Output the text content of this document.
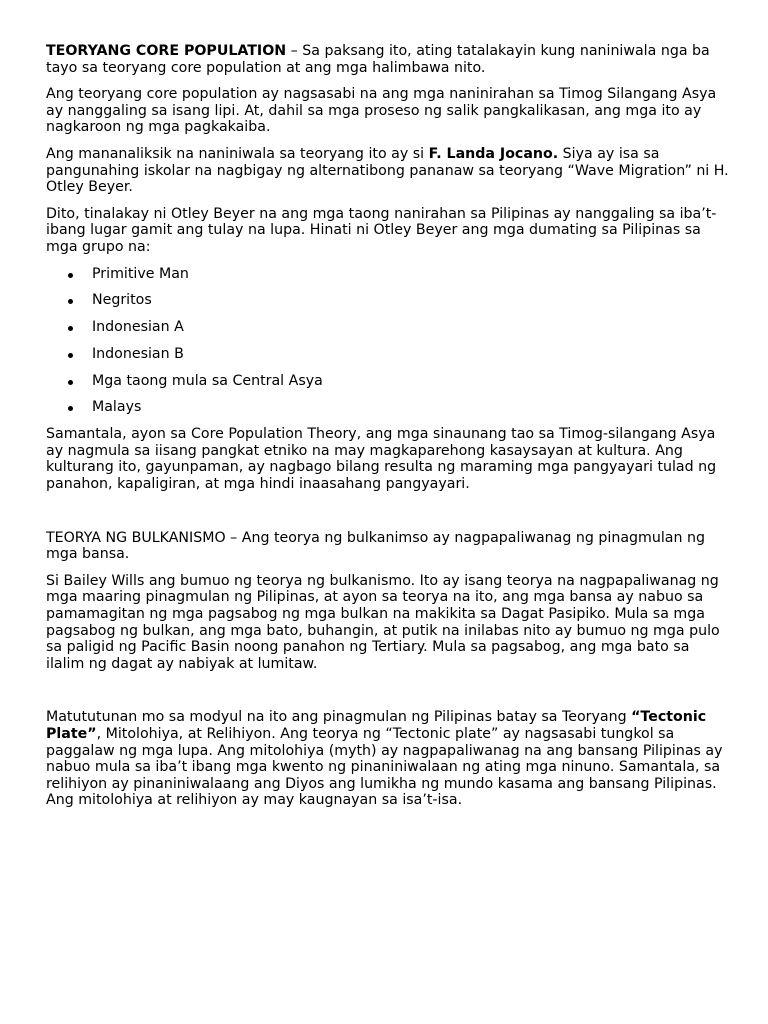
TEORYANG CORE POPULATION – Sa paksang ito, ating tatalakayin kung naniniwala nga ba tayo sa teoryang core population at ang mga halimbawa nito.

Ang teoryang core population ay nagsasabi na ang mga naninirahan sa Timog Silangang Asya ay nanggaling sa isang lipi. At, dahil sa mga proseso ng salik pangkalikasan, ang mga ito ay nagkaroon ng mga pagkakaiba.

Ang mananaliksik na naniniwala sa teoryang ito ay si F. Landa Jocano. Siya ay isa sa pangunahing iskolar na nagbigay ng alternatibong pananaw sa teoryang “Wave Migration” ni H. Otley Beyer.

Dito, tinalakay ni Otley Beyer na ang mga taong nanirahan sa Pilipinas ay nanggaling sa iba’t-ibang lugar gamit ang tulay na lupa. Hinati ni Otley Beyer ang mga dumating sa Pilipinas sa mga grupo na:

Primitive Man
Negritos
Indonesian A
Indonesian B
Mga taong mula sa Central Asya
Malays

Samantala, ayon sa Core Population Theory, ang mga sinaunang tao sa Timog-silangang Asya ay nagmula sa iisang pangkat etniko na may magkaparehong kasaysayan at kultura. Ang kulturang ito, gayunpaman, ay nagbago bilang resulta ng maraming mga pangyayari tulad ng panahon, kapaligiran, at mga hindi inaasahang pangyayari.

TEORYA NG BULKANISMO – Ang teorya ng bulkanimso ay nagpapaliwanag ng pinagmulan ng mga bansa.

Si Bailey Wills ang bumuo ng teorya ng bulkanismo. Ito ay isang teorya na nagpapaliwanag ng mga maaring pinagmulan ng Pilipinas, at ayon sa teorya na ito, ang mga bansa ay nabuo sa pamamagitan ng mga pagsabog ng mga bulkan na makikita sa Dagat Pasipiko. Mula sa mga pagsabog ng bulkan, ang mga bato, buhangin, at putik na inilabas nito ay bumuo ng mga pulo sa paligid ng Pacific Basin noong panahon ng Tertiary. Mula sa pagsabog, ang mga bato sa ilalim ng dagat ay nabiyak at lumitaw.

Matututunan mo sa modyul na ito ang pinagmulan ng Pilipinas batay sa Teoryang “Tectonic Plate”, Mitolohiya, at Relihiyon. Ang teorya ng “Tectonic plate” ay nagsasabi tungkol sa paggalaw ng mga lupa. Ang mitolohiya (myth) ay nagpapaliwanag na ang bansang Pilipinas ay nabuo mula sa iba’t ibang mga kwento ng pinaniniwalaan ng ating mga ninuno. Samantala, sa relihiyon ay pinaniniwalaang ang Diyos ang lumikha ng mundo kasama ang bansang Pilipinas. Ang mitolohiya at relihiyon ay may kaugnayan sa isa’t-isa.
